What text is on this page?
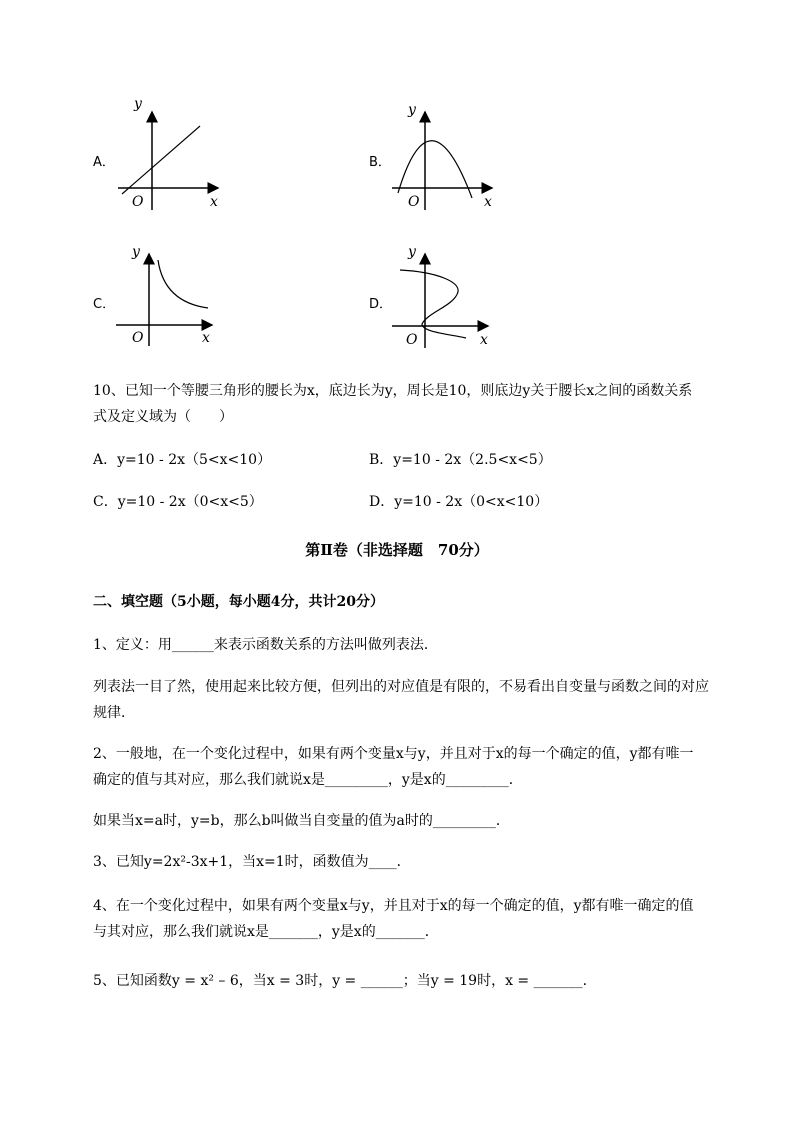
A．
y
x
O
B．
y
x
O
C．
y
x
O
D．
y
x
O
10、已知一个等腰三角形的腰长为x，底边长为y，周长是10，则底边y关于腰长x之间的函数关系
式及定义域为（　　）
A．y=10 - 2x（5<x<10）	B．y=10 - 2x（2.5<x<5）
C．y=10 - 2x（0<x<5）	D．y=10 - 2x（0<x<10）
第Ⅱ卷（非选择题　70分）
二、填空题（5小题，每小题4分，共计20分）
1、定义：用______来表示函数关系的方法叫做列表法．
列表法一目了然，使用起来比较方便，但列出的对应值是有限的，不易看出自变量与函数之间的对应
规律．
2、一般地，在一个变化过程中，如果有两个变量x与y，并且对于x的每一个确定的值，y都有唯一
确定的值与其对应，那么我们就说x是_________，y是x的_________．
如果当x=a时，y=b，那么b叫做当自变量的值为a时的_________．
3、已知y=2x²-3x+1，当x=1时，函数值为____．
4、在一个变化过程中，如果有两个变量x与y，并且对于x的每一个确定的值，y都有唯一确定的值
与其对应，那么我们就说x是_______，y是x的_______．
5、已知函数y = x² – 6，当x = 3时，y = ______；当y = 19时，x = _______.
